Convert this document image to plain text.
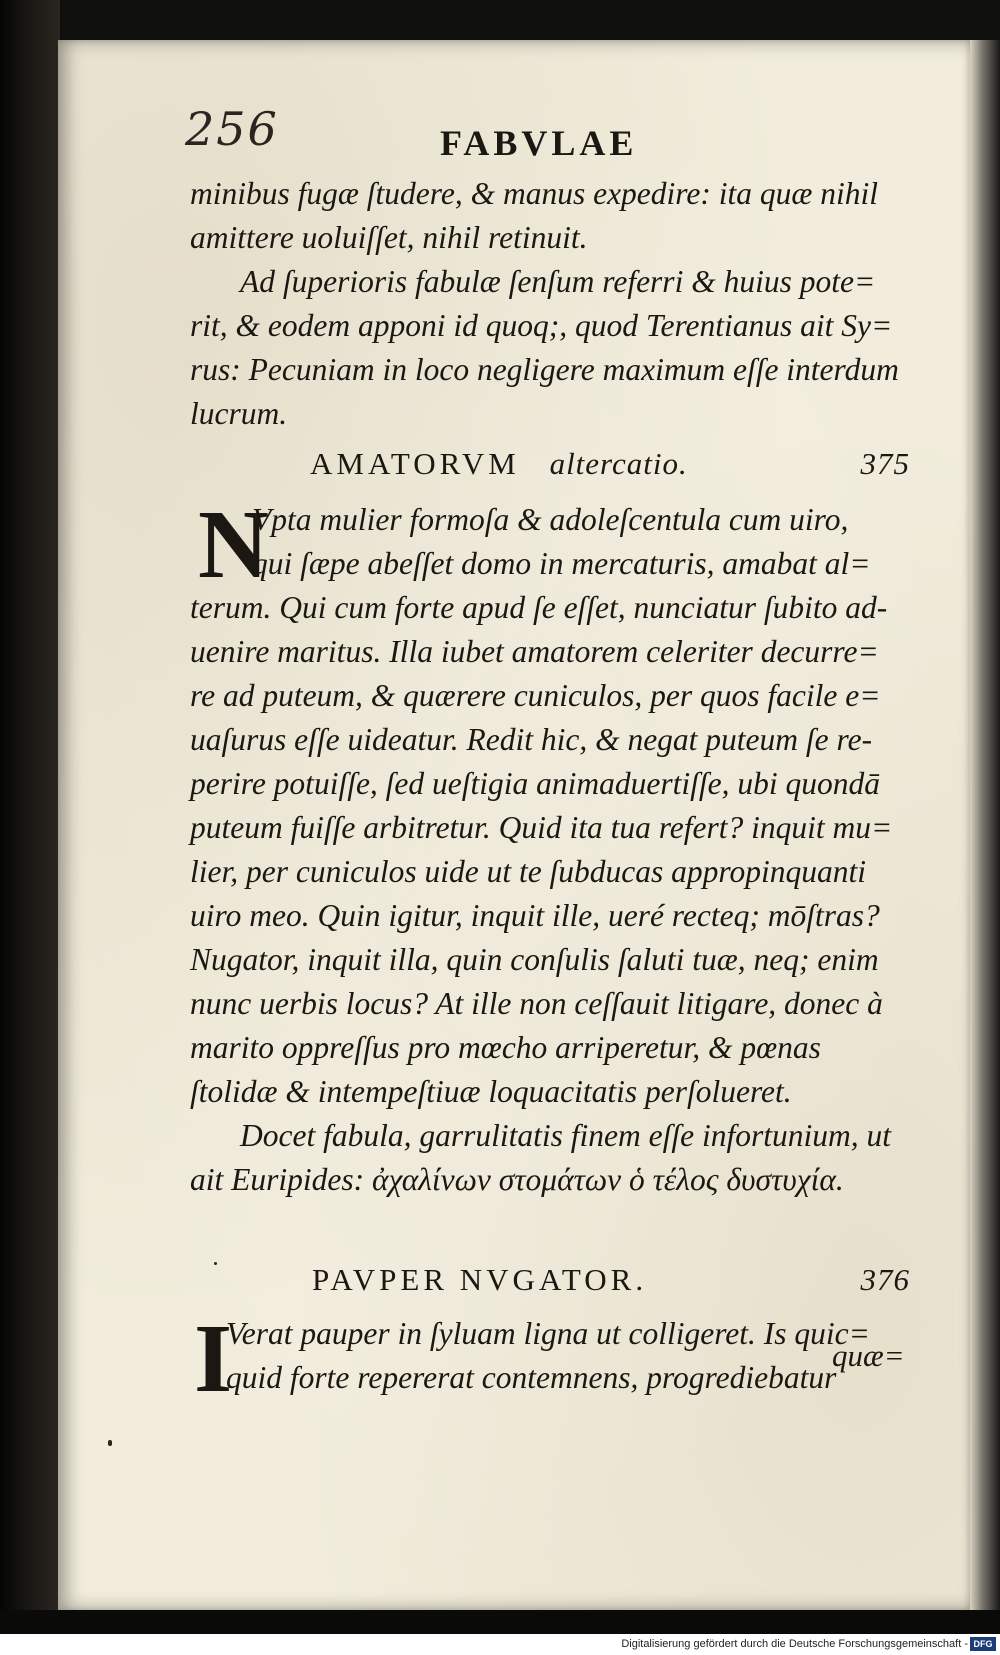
256	FABVLAE
minibus fugæ ſtudere, & manus expedire: ita quæ nihil
amittere uoluiſſet, nihil retinuit.
Ad ſuperioris fabulæ ſenſum referri & huius pote=
rit, & eodem apponi id quoq;, quod Terentianus ait Sy=
rus: Pecuniam in loco negligere maximum eſſe interdum
lucrum.
AMATORVM altercatio.	375
N
Vpta mulier formoſa & adoleſcentula cum uiro,
qui ſæpe abeſſet domo in mercaturis, amabat al=
terum. Qui cum forte apud ſe eſſet, nunciatur ſubito ad-
uenire maritus. Illa iubet amatorem celeriter decurre=
re ad puteum, & quærere cuniculos, per quos facile e=
uaſurus eſſe uideatur. Redit hic, & negat puteum ſe re-
perire potuiſſe, ſed ueſtigia animaduertiſſe, ubi quondā
puteum fuiſſe arbitretur. Quid ita tua refert? inquit mu=
lier, per cuniculos uide ut te ſubducas appropinquanti
uiro meo. Quin igitur, inquit ille, ueré recteq; mōſtras?
Nugator, inquit illa, quin conſulis ſaluti tuæ, neq; enim
nunc uerbis locus? At ille non ceſſauit litigare, donec à
marito oppreſſus pro mœcho arriperetur, & pœnas
ſtolidæ & intempeſtiuæ loquacitatis perſolueret.
Docet fabula, garrulitatis finem eſſe infortunium, ut
ait Euripides: ἀχαλίνων στομάτων ὁ τέλος δυστυχία.
PAVPER NVGATOR.	376
I
Verat pauper in ſyluam ligna ut colligeret. Is quic=
quid forte repererat contemnens, progrediebatur
quæ=
Digitalisierung gefördert durch die Deutsche Forschungsgemeinschaft - DFG
